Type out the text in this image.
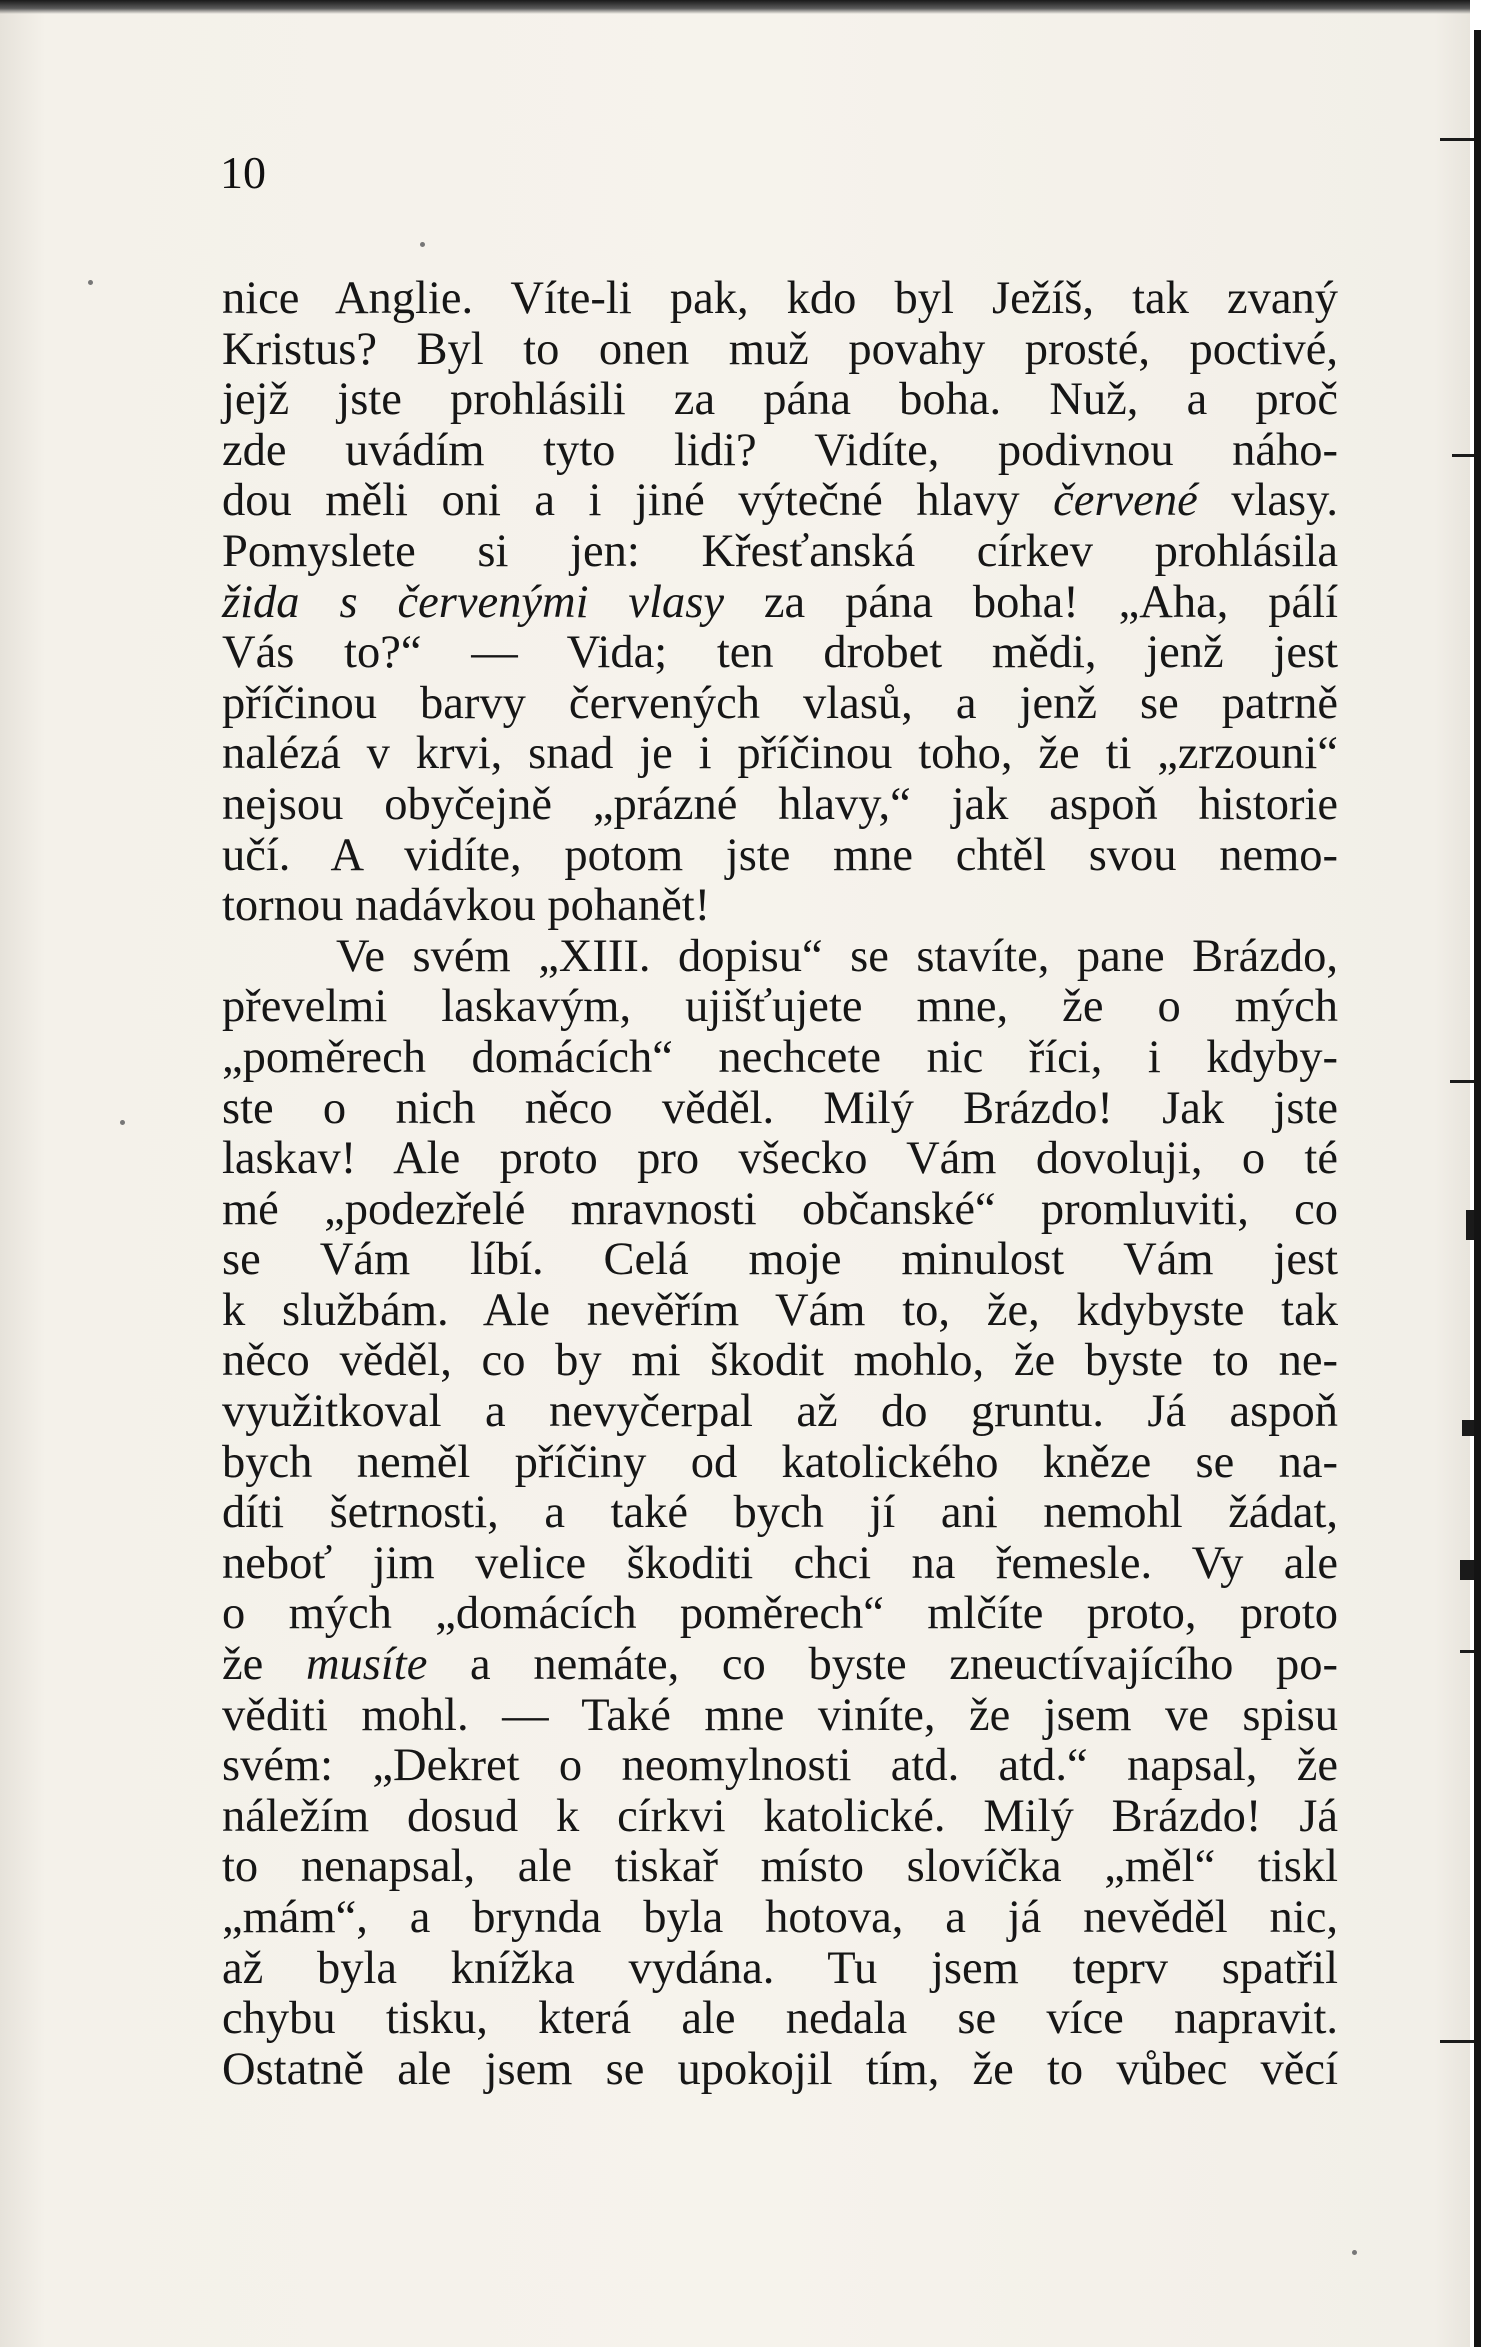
10
nice Anglie. Víte-li pak, kdo byl Ježíš, tak zvaný
Kristus? Byl to onen muž povahy prosté, poctivé,
jejž jste prohlásili za pána boha. Nuž, a proč
zde uvádím tyto lidi? Vidíte, podivnou náho-
dou měli oni a i jiné výtečné hlavy červené vlasy.
Pomyslete si jen: Křesťanská církev prohlásila
žida s červenými vlasy za pána boha! „Aha, pálí
Vás to?“ — Vida; ten drobet mědi, jenž jest
příčinou barvy červených vlasů, a jenž se patrně
nalézá v krvi, snad je i příčinou toho, že ti „zrzouni“
nejsou obyčejně „prázné hlavy,“ jak aspoň historie
učí. A vidíte, potom jste mne chtěl svou nemo-
tornou nadávkou pohanět!
Ve svém „XIII. dopisu“ se stavíte, pane Brázdo,
převelmi laskavým, ujišťujete mne, že o mých
„poměrech domácích“ nechcete nic říci, i kdyby-
ste o nich něco věděl. Milý Brázdo! Jak jste
laskav! Ale proto pro všecko Vám dovoluji, o té
mé „podezřelé mravnosti občanské“ promluviti, co
se Vám líbí. Celá moje minulost Vám jest
k službám. Ale nevěřím Vám to, že, kdybyste tak
něco věděl, co by mi škodit mohlo, že byste to ne-
využitkoval a nevyčerpal až do gruntu. Já aspoň
bych neměl příčiny od katolického kněze se na-
díti šetrnosti, a také bych jí ani nemohl žádat,
neboť jim velice škoditi chci na řemesle. Vy ale
o mých „domácích poměrech“ mlčíte proto, proto
že musíte a nemáte, co byste zneuctívajícího po-
věditi mohl. — Také mne viníte, že jsem ve spisu
svém: „Dekret o neomylnosti atd. atd.“ napsal, že
náležím dosud k církvi katolické. Milý Brázdo! Já
to nenapsal, ale tiskař místo slovíčka „měl“ tiskl
„mám“, a brynda byla hotova, a já nevěděl nic,
až byla knížka vydána. Tu jsem teprv spatřil
chybu tisku, která ale nedala se více napravit.
Ostatně ale jsem se upokojil tím, že to vůbec věcí
